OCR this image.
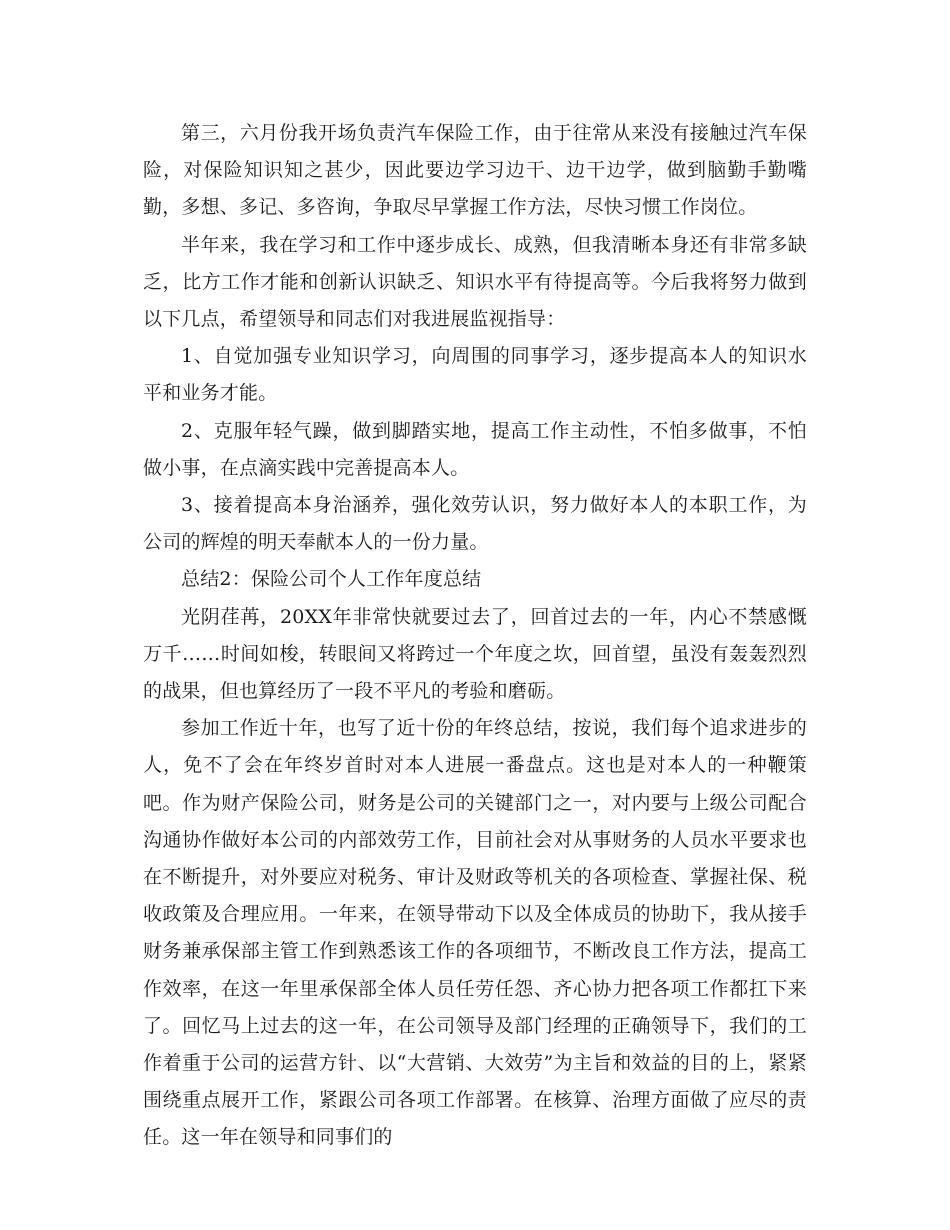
第三，六月份我开场负责汽车保险工作，由于往常从来没有接触过汽车保险，对保险知识知之甚少，因此要边学习边干、边干边学，做到脑勤手勤嘴勤，多想、多记、多咨询，争取尽早掌握工作方法，尽快习惯工作岗位。

半年来，我在学习和工作中逐步成长、成熟，但我清晰本身还有非常多缺乏，比方工作才能和创新认识缺乏、知识水平有待提高等。今后我将努力做到以下几点，希望领导和同志们对我进展监视指导：

1、自觉加强专业知识学习，向周围的同事学习，逐步提高本人的知识水平和业务才能。

2、克服年轻气躁，做到脚踏实地，提高工作主动性，不怕多做事，不怕做小事，在点滴实践中完善提高本人。

3、接着提高本身治涵养，强化效劳认识，努力做好本人的本职工作，为公司的辉煌的明天奉献本人的一份力量。

总结2：保险公司个人工作年度总结

光阴荏苒，20XX年非常快就要过去了，回首过去的一年，内心不禁感慨万千……时间如梭，转眼间又将跨过一个年度之坎，回首望，虽没有轰轰烈烈的战果，但也算经历了一段不平凡的考验和磨砺。

参加工作近十年，也写了近十份的年终总结，按说，我们每个追求进步的人，免不了会在年终岁首时对本人进展一番盘点。这也是对本人的一种鞭策吧。作为财产保险公司，财务是公司的关键部门之一，对内要与上级公司配合沟通协作做好本公司的内部效劳工作，目前社会对从事财务的人员水平要求也在不断提升，对外要应对税务、审计及财政等机关的各项检查、掌握社保、税收政策及合理应用。一年来，在领导带动下以及全体成员的协助下，我从接手财务兼承保部主管工作到熟悉该工作的各项细节，不断改良工作方法，提高工作效率，在这一年里承保部全体人员任劳任怨、齐心协力把各项工作都扛下来了。回忆马上过去的这一年，在公司领导及部门经理的正确领导下，我们的工作着重于公司的运营方针、以“大营销、大效劳”为主旨和效益的目的上，紧紧围绕重点展开工作，紧跟公司各项工作部署。在核算、治理方面做了应尽的责任。这一年在领导和同事们的
